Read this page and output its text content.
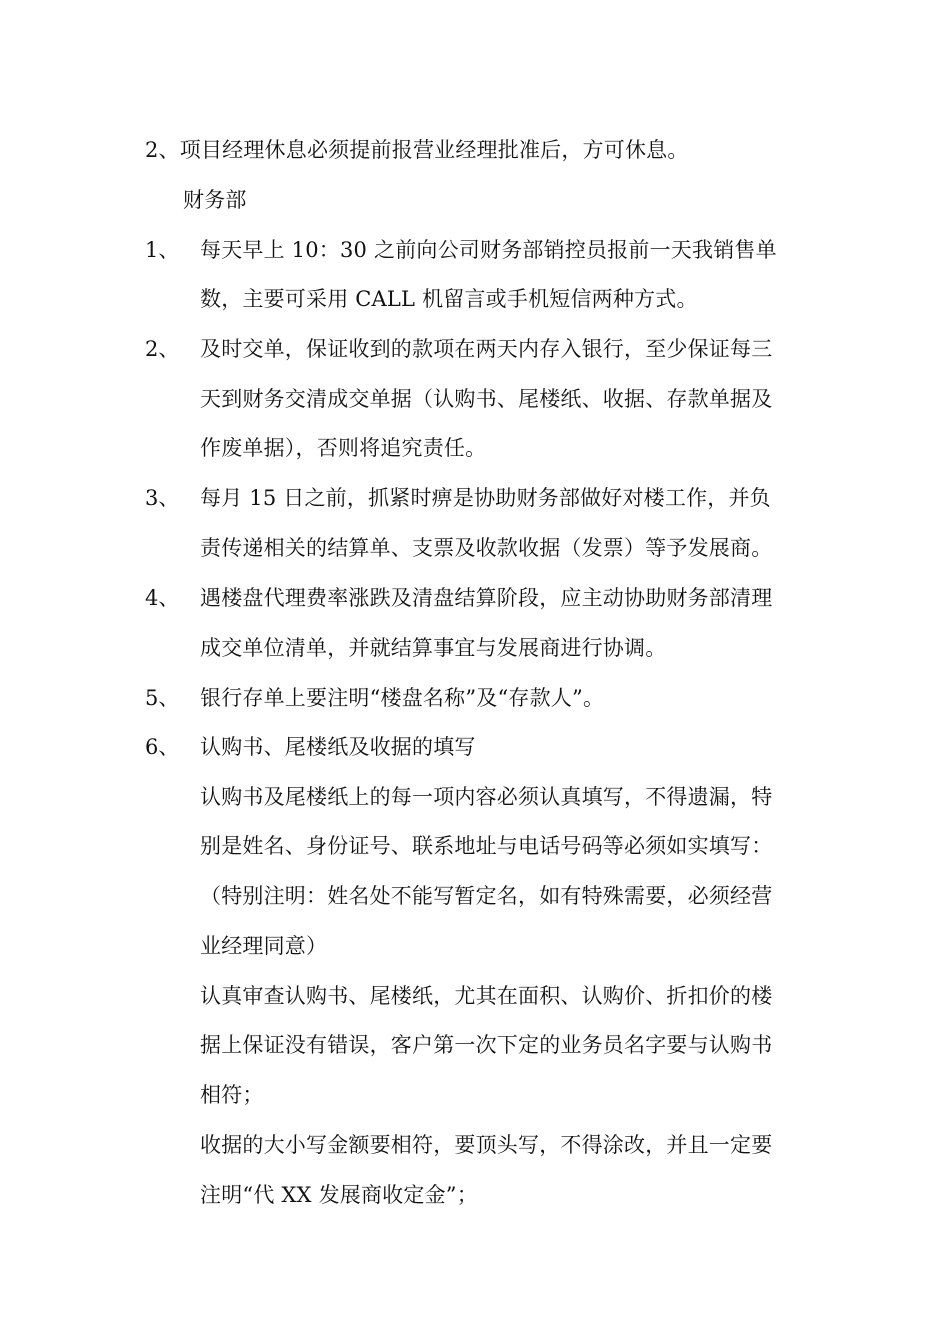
2、项目经理休息必须提前报营业经理批准后，方可休息。
财务部
1、 每天早上 10：30 之前向公司财务部销控员报前一天我销售单
数，主要可采用 CALL 机留言或手机短信两种方式。
2、 及时交单，保证收到的款项在两天内存入银行，至少保证每三
天到财务交清成交单据（认购书、尾楼纸、收据、存款单据及
作废单据），否则将追究责任。
3、 每月 15 日之前，抓紧时痹是协助财务部做好对楼工作，并负
责传递相关的结算单、支票及收款收据（发票）等予发展商。
4、 遇楼盘代理费率涨跌及清盘结算阶段，应主动协助财务部清理
成交单位清单，并就结算事宜与发展商进行协调。
5、 银行存单上要注明“楼盘名称”及“存款人”。
6、 认购书、尾楼纸及收据的填写
认购书及尾楼纸上的每一项内容必须认真填写，不得遗漏，特
别是姓名、身份证号、联系地址与电话号码等必须如实填写：
（特别注明：姓名处不能写暂定名，如有特殊需要，必须经营
业经理同意）
认真审查认购书、尾楼纸，尤其在面积、认购价、折扣价的楼
据上保证没有错误，客户第一次下定的业务员名字要与认购书
相符；
收据的大小写金额要相符，要顶头写，不得涂改，并且一定要
注明“代 XX 发展商收定金”；
